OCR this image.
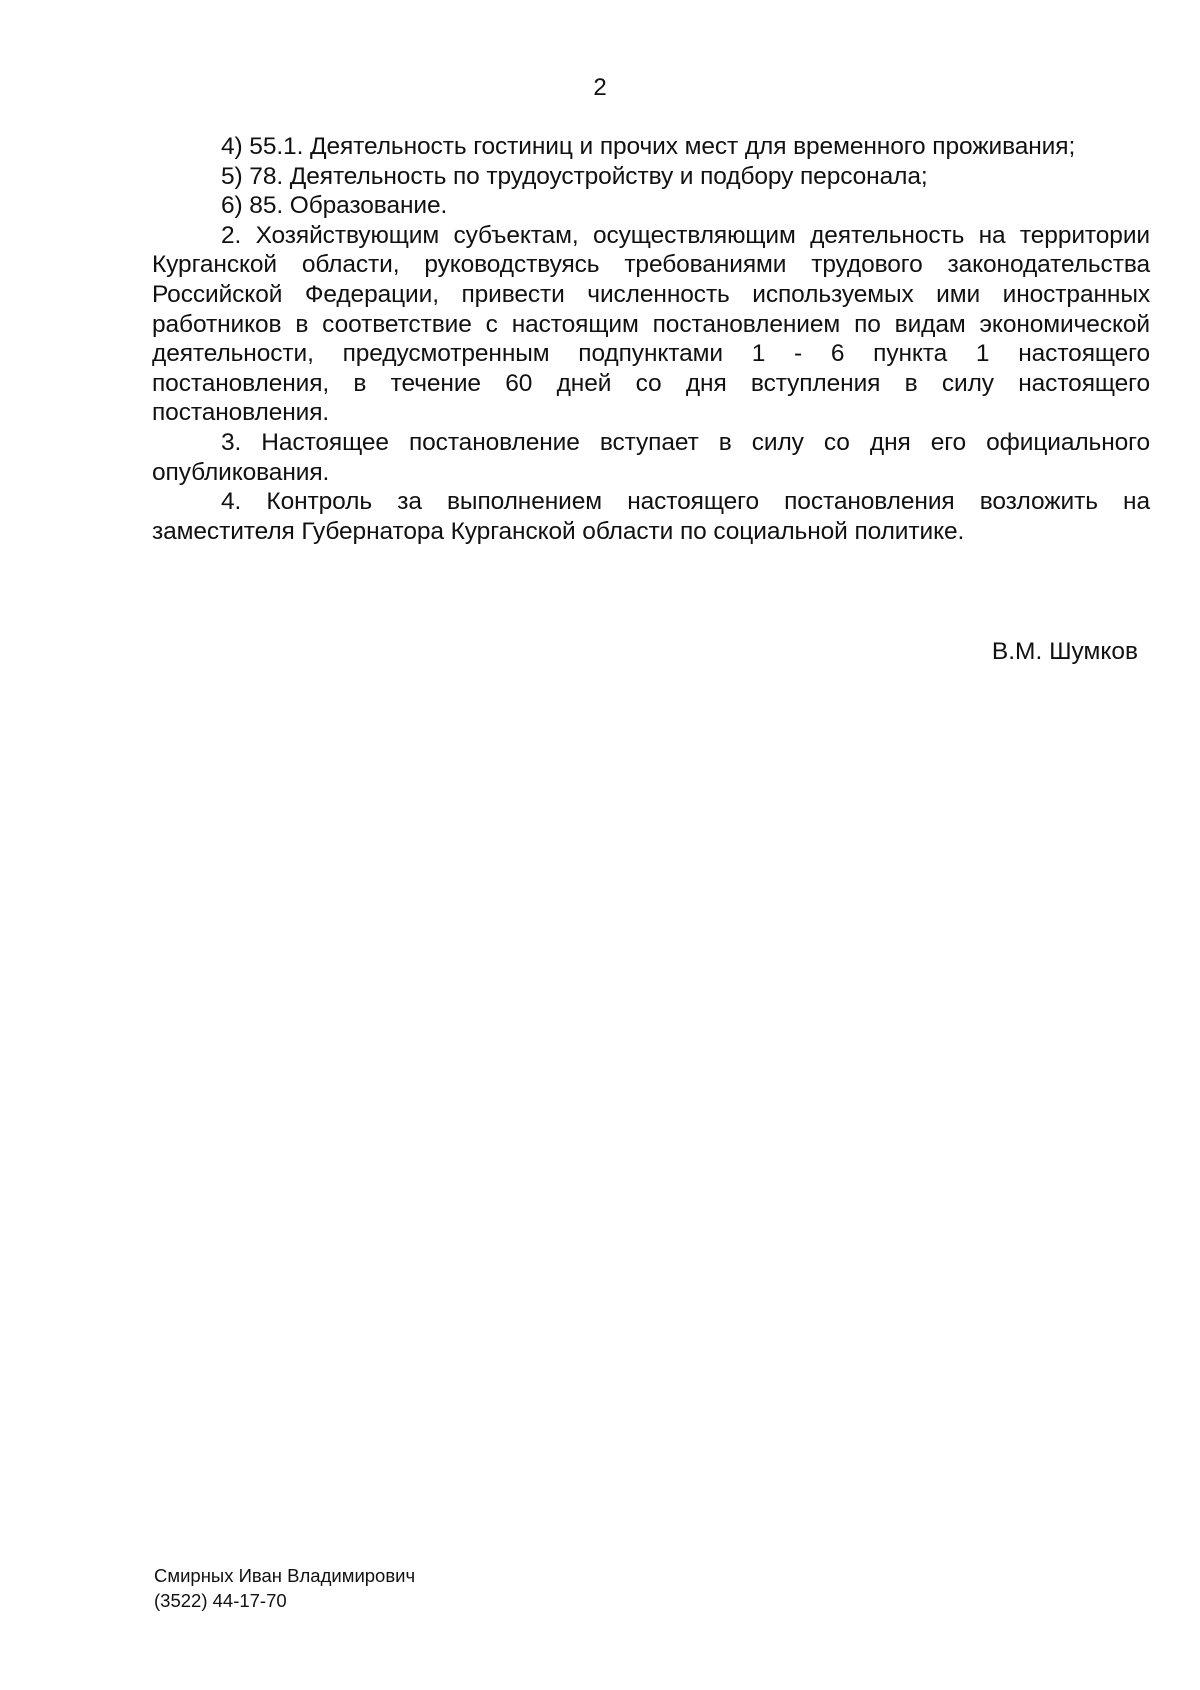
2

4) 55.1. Деятельность гостиниц и прочих мест для временного проживания;

5) 78. Деятельность по трудоустройству и подбору персонала;

6) 85. Образование.

2. Хозяйствующим субъектам, осуществляющим деятельность на территории Курганской области, руководствуясь требованиями трудового законодательства Российской Федерации, привести численность используемых ими иностранных работников в соответствие с настоящим постановлением по видам экономической деятельности, предусмотренным подпунктами 1 - 6 пункта 1 настоящего постановления, в течение 60 дней со дня вступления в силу настоящего постановления.

3. Настоящее постановление вступает в силу со дня его официального опубликования.

4. Контроль за выполнением настоящего постановления возложить на заместителя Губернатора Курганской области по социальной политике.

В.М. Шумков
Смирных Иван Владимирович
(3522) 44-17-70
